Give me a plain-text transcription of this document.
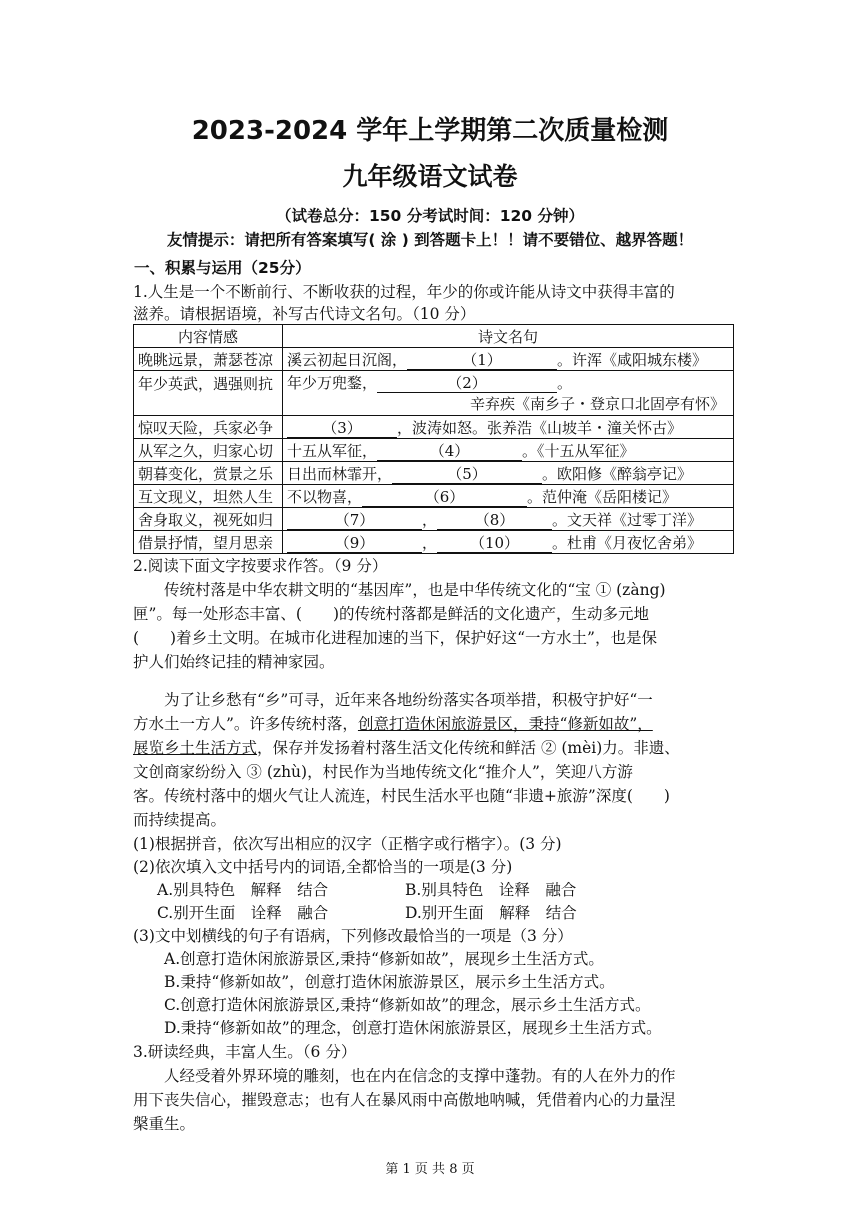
2023-2024 学年上学期第二次质量检测
九年级语文试卷
（试卷总分：150 分考试时间：120 分钟）
友情提示：请把所有答案填写( 涂 ) 到答题卡上！！请不要错位、越界答题！
一、积累与运用（25分）
1.人生是一个不断前行、不断收获的过程，年少的你或许能从诗文中获得丰富的
滋养。请根据语境，补写古代诗文名句。（10 分）
内容情感	诗文名句
晚眺远景，萧瑟苍凉	溪云初起日沉阁， （1） 。许浑《咸阳城东楼》
年少英武，遇强则抗	年少万兜鍪， （2） 。
辛弃疾《南乡子・登京口北固亭有怀》

惊叹天险，兵家必争	（3） ，波涛如怒。张养浩《山坡羊・潼关怀古》
从军之久，归家心切	十五从军征， （4） 。《十五从军征》
朝暮变化，赏景之乐	日出而林霏开， （5） 。欧阳修《醉翁亭记》
互文现义，坦然人生	不以物喜， （6） 。范仲淹《岳阳楼记》
舍身取义，视死如归	（7） ， （8） 。文天祥《过零丁洋》
借景抒情，望月思亲	（9） ， （10） 。杜甫《月夜忆舍弟》
2.阅读下面文字按要求作答。（9 分）
传统村落是中华农耕文明的“基因库”，也是中华传统文化的“宝 ① (zàng)
匣”。每一处形态丰富、(　　)的传统村落都是鲜活的文化遗产，生动多元地
(　　)着乡土文明。在城市化进程加速的当下，保护好这“一方水土”，也是保
护人们始终记挂的精神家园。
为了让乡愁有“乡”可寻，近年来各地纷纷落实各项举措，积极守护好“一
方水土一方人”。许多传统村落，创意打造休闲旅游景区，秉持“修新如故”，
展览乡土生活方式，保存并发扬着村落生活文化传统和鲜活 ② (mèi)力。非遗、
文创商家纷纷入 ③ (zhù)，村民作为当地传统文化“推介人”，笑迎八方游
客。传统村落中的烟火气让人流连，村民生活水平也随“非遗+旅游”深度(　　)
而持续提高。
(1)根据拼音，依次写出相应的汉字（正楷字或行楷字）。(3 分)
(2)依次填入文中括号内的词语,全都恰当的一项是(3 分)
A.别具特色　解释　结合	B.别具特色　诠释　融合
C.别开生面　诠释　融合	D.别开生面　解释　结合
(3)文中划横线的句子有语病，下列修改最恰当的一项是（3 分）
A.创意打造休闲旅游景区,秉持“修新如故”，展现乡土生活方式。
B.秉持“修新如故”，创意打造休闲旅游景区，展示乡土生活方式。
C.创意打造休闲旅游景区,秉持“修新如故”的理念，展示乡土生活方式。
D.秉持“修新如故”的理念，创意打造休闲旅游景区，展现乡土生活方式。
3.研读经典，丰富人生。（6 分）
人经受着外界环境的雕刻，也在内在信念的支撑中蓬勃。有的人在外力的作
用下丧失信心，摧毁意志；也有人在暴风雨中高傲地呐喊，凭借着内心的力量涅
槃重生。
第 1 页 共 8 页
